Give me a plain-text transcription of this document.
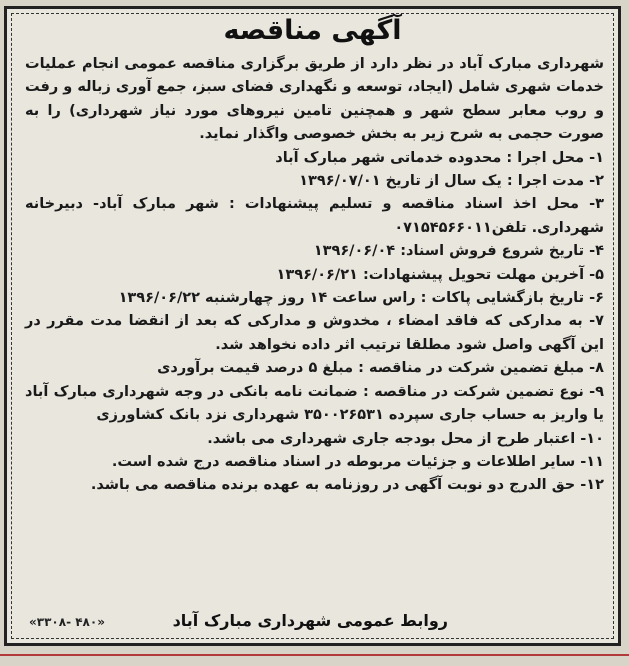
آگهی مناقصه

شهرداری مبارک آباد در نظر دارد از طریق برگزاری مناقصه عمومی انجام عملیات خدمات شهری شامل (ایجاد، توسعه و نگهداری فضای سبز، جمع آوری زباله و رفت و روب معابر سطح شهر و همچنین تامین نیروهای مورد نیاز شهرداری) را به صورت حجمی به شرح زیر به بخش خصوصی واگذار نماید.

۱- محل اجرا : محدوده خدماتی شهر مبارک آباد

۲- مدت اجرا : یک سال از تاریخ ۱۳۹۶/۰۷/۰۱

۳- محل اخذ اسناد مناقصه و تسلیم پیشنهادات : شهر مبارک آباد- دبیرخانه شهرداری. تلفن۰۷۱۵۴۵۶۶۰۱۱

۴- تاریخ شروع فروش اسناد: ۱۳۹۶/۰۶/۰۴

۵- آخرین مهلت تحویل پیشنهادات: ۱۳۹۶/۰۶/۲۱

۶- تاریخ بازگشایی پاکات : راس ساعت ۱۴ روز چهارشنبه ۱۳۹۶/۰۶/۲۲

۷- به مدارکی که فاقد امضاء ، مخدوش و مدارکی که بعد از انقضا مدت مقرر در این آگهی واصل شود مطلقا ترتیب اثر داده نخواهد شد.

۸- مبلغ تضمین شرکت در مناقصه : مبلغ ۵ درصد قیمت برآوردی

۹- نوع تضمین شرکت در مناقصه : ضمانت نامه بانکی در وجه شهرداری مبارک آباد یا واریز به حساب جاری سپرده ۳۵۰۰۲۶۵۳۱ شهرداری نزد بانک کشاورزی

۱۰- اعتبار طرح از محل بودجه جاری شهرداری می باشد.

۱۱- سایر اطلاعات و جزئیات مربوطه در اسناد مناقصه درج شده است.

۱۲- حق الدرج دو نوبت آگهی در روزنامه به عهده برنده مناقصه می باشد.

روابط عمومی شهرداری مبارک آباد
«۴۸۰ -۳۳۰۸»
